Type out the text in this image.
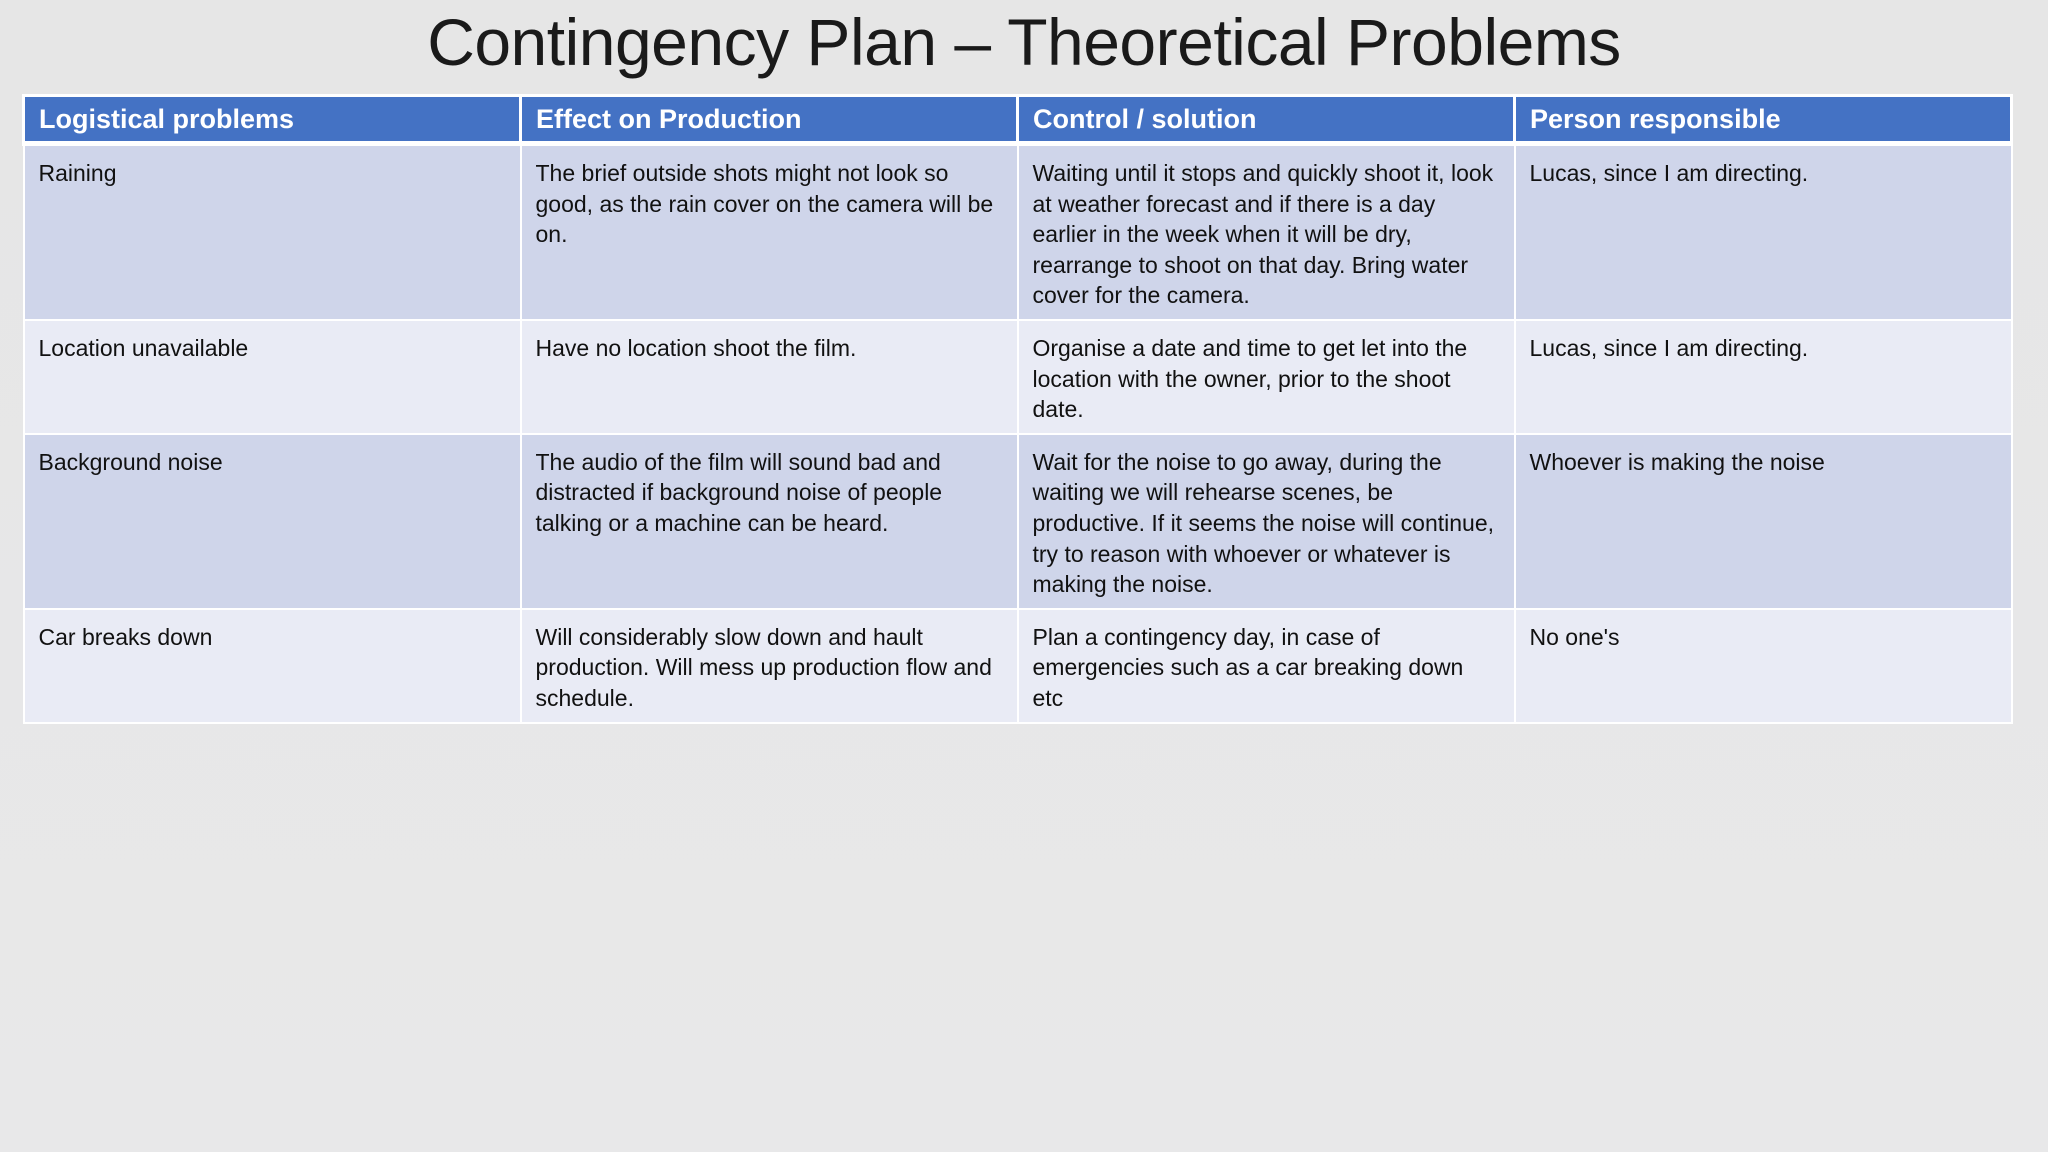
Contingency Plan – Theoretical Problems
Logistical problems	Effect on Production	Control / solution	Person responsible
Raining	The brief outside shots might not look so good, as the rain cover on the camera will be on.	Waiting until it stops and quickly shoot it, look at weather forecast and if there is a day earlier in the week when it will be dry, rearrange to shoot on that day. Bring water cover for the camera.	Lucas, since I am directing.
Location unavailable	Have no location shoot the film.	Organise a date and time to get let into the location with the owner, prior to the shoot date.	Lucas, since I am directing.
Background noise	The audio of the film will sound bad and distracted if background noise of people talking or a machine can be heard.	Wait for the noise to go away, during the waiting we will rehearse scenes, be productive. If it seems the noise will continue, try to reason with whoever or whatever is making the noise.	Whoever is making the noise
Car breaks down	Will considerably slow down and hault production. Will mess up production flow and schedule.	Plan a contingency day, in case of emergencies such as a car breaking down etc	No one's
